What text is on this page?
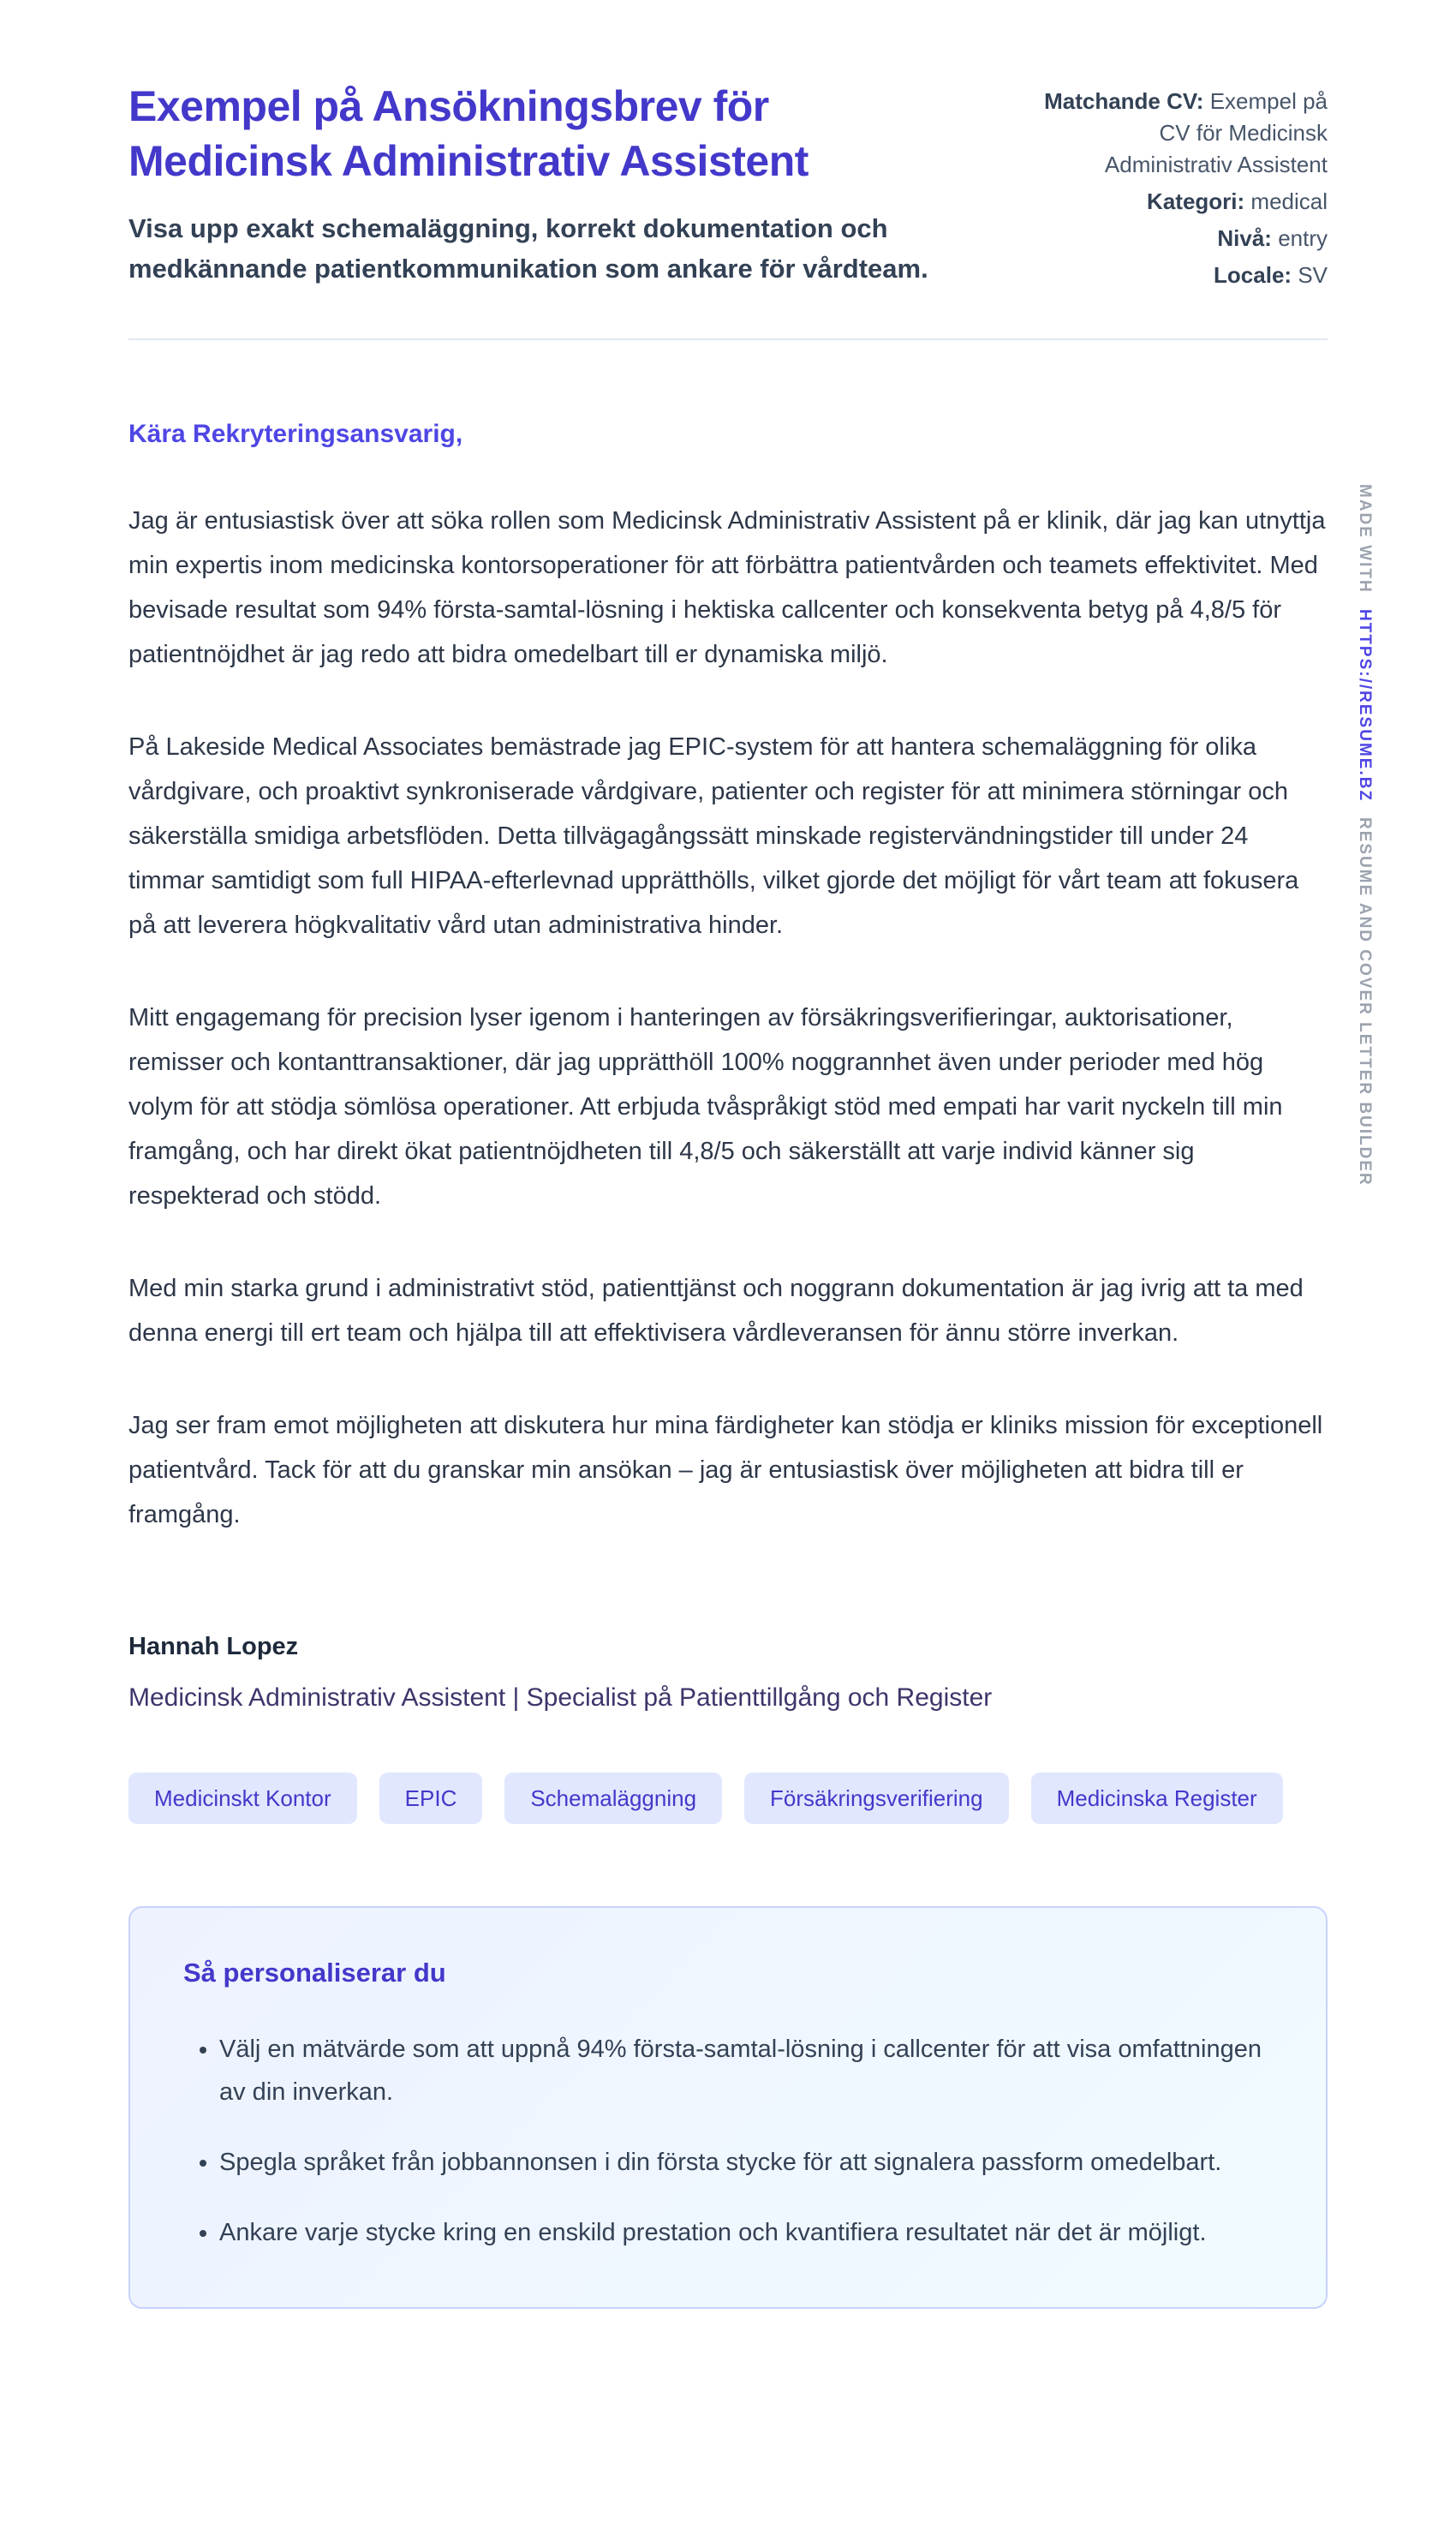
Exempel på Ansökningsbrev för Medicinsk Administrativ Assistent

Visa upp exakt schemaläggning, korrekt dokumentation och medkännande patientkommunikation som ankare för vårdteam.

Matchande CV: Exempel på CV för Medicinsk Administrativ Assistent
Kategori: medical
Nivå: entry
Locale: SV

Kära Rekryteringsansvarig,

Jag är entusiastisk över att söka rollen som Medicinsk Administrativ Assistent på er klinik, där jag kan utnyttja min expertis inom medicinska kontorsoperationer för att förbättra patientvården och teamets effektivitet. Med bevisade resultat som 94% första-samtal-lösning i hektiska callcenter och konsekventa betyg på 4,8/5 för patientnöjdhet är jag redo att bidra omedelbart till er dynamiska miljö.

På Lakeside Medical Associates bemästrade jag EPIC-system för att hantera schemaläggning för olika vårdgivare, och proaktivt synkroniserade vårdgivare, patienter och register för att minimera störningar och säkerställa smidiga arbetsflöden. Detta tillvägagångssätt minskade registervändningstider till under 24 timmar samtidigt som full HIPAA-efterlevnad upprätthölls, vilket gjorde det möjligt för vårt team att fokusera på att leverera högkvalitativ vård utan administrativa hinder.

Mitt engagemang för precision lyser igenom i hanteringen av försäkringsverifieringar, auktorisationer, remisser och kontanttransaktioner, där jag upprätthöll 100% noggrannhet även under perioder med hög volym för att stödja sömlösa operationer. Att erbjuda tvåspråkigt stöd med empati har varit nyckeln till min framgång, och har direkt ökat patientnöjdheten till 4,8/5 och säkerställt att varje individ känner sig respekterad och stödd.

Med min starka grund i administrativt stöd, patienttjänst och noggrann dokumentation är jag ivrig att ta med denna energi till ert team och hjälpa till att effektivisera vårdleveransen för ännu större inverkan.

Jag ser fram emot möjligheten att diskutera hur mina färdigheter kan stödja er kliniks mission för exceptionell patientvård. Tack för att du granskar min ansökan – jag är entusiastisk över möjligheten att bidra till er framgång.

Hannah Lopez

Medicinsk Administrativ Assistent | Specialist på Patienttillgång och Register

Medicinskt Kontor	EPIC	Schemaläggning	Försäkringsverifiering	Medicinska Register
Så personaliserar du
• Välj en mätvärde som att uppnå 94% första-samtal-lösning i callcenter för att visa omfattningen av din inverkan.
• Spegla språket från jobbannonsen i din första stycke för att signalera passform omedelbart.
• Ankare varje stycke kring en enskild prestation och kvantifiera resultatet när det är möjligt.
MADE WITH
HTTPS://RESUME.BZ
RESUME AND COVER LETTER BUILDER
